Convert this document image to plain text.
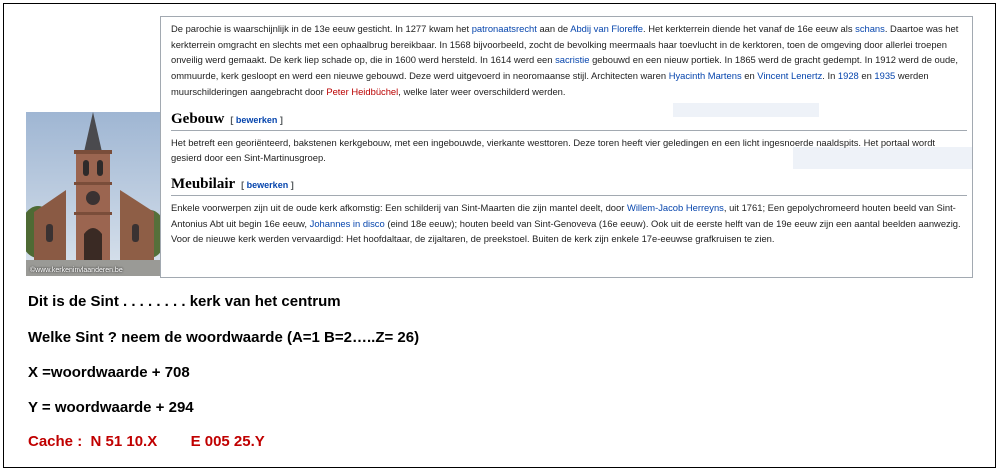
©www.kerkeninvlaanderen.be

De parochie is waarschijnlijk in de 13e eeuw gesticht. In 1277 kwam het patronaatsrecht aan de Abdij van Floreffe. Het kerkterrein diende het vanaf de 16e eeuw als schans. Daartoe was het kerkterrein omgracht en slechts met een ophaalbrug bereikbaar. In 1568 bijvoorbeeld, zocht de bevolking meermaals haar toevlucht in de kerktoren, toen de omgeving door allerlei troepen onveilig werd gemaakt. De kerk liep schade op, die in 1600 werd hersteld. In 1614 werd een sacristie gebouwd en een nieuw portiek. In 1865 werd de gracht gedempt. In 1912 werd de oude, ommuurde, kerk gesloopt en werd een nieuwe gebouwd. Deze werd uitgevoerd in neoromaanse stijl. Architecten waren Hyacinth Martens en Vincent Lenertz. In 1928 en 1935 werden muurschilderingen aangebracht door Peter Heidbüchel, welke later weer overschilderd werden.

Gebouw [ bewerken ]

Het betreft een georiënteerd, bakstenen kerkgebouw, met een ingebouwde, vierkante westtoren. Deze toren heeft vier geledingen en een licht ingesnoerde naaldspits. Het portaal wordt gesierd door een Sint-Martinusgroep.

Meubilair [ bewerken ]

Enkele voorwerpen zijn uit de oude kerk afkomstig: Een schilderij van Sint-Maarten die zijn mantel deelt, door Willem-Jacob Herreyns, uit 1761; Een gepolychromeerd houten beeld van Sint-Antonius Abt uit begin 16e eeuw, Johannes in disco (eind 18e eeuw); houten beeld van Sint-Genoveva (16e eeuw). Ook uit de eerste helft van de 19e eeuw zijn een aantal beelden aanwezig. Voor de nieuwe kerk werden vervaardigd: Het hoofdaltaar, de zijaltaren, de preekstoel. Buiten de kerk zijn enkele 17e-eeuwse grafkruisen te zien.

Dit is de Sint . . . . . . . . kerk van het centrum
Welke Sint ? neem de woordwaarde (A=1 B=2…..Z= 26)
X =woordwaarde + 708
Y = woordwaarde + 294
Cache :  N 51 10.X        E 005 25.Y
